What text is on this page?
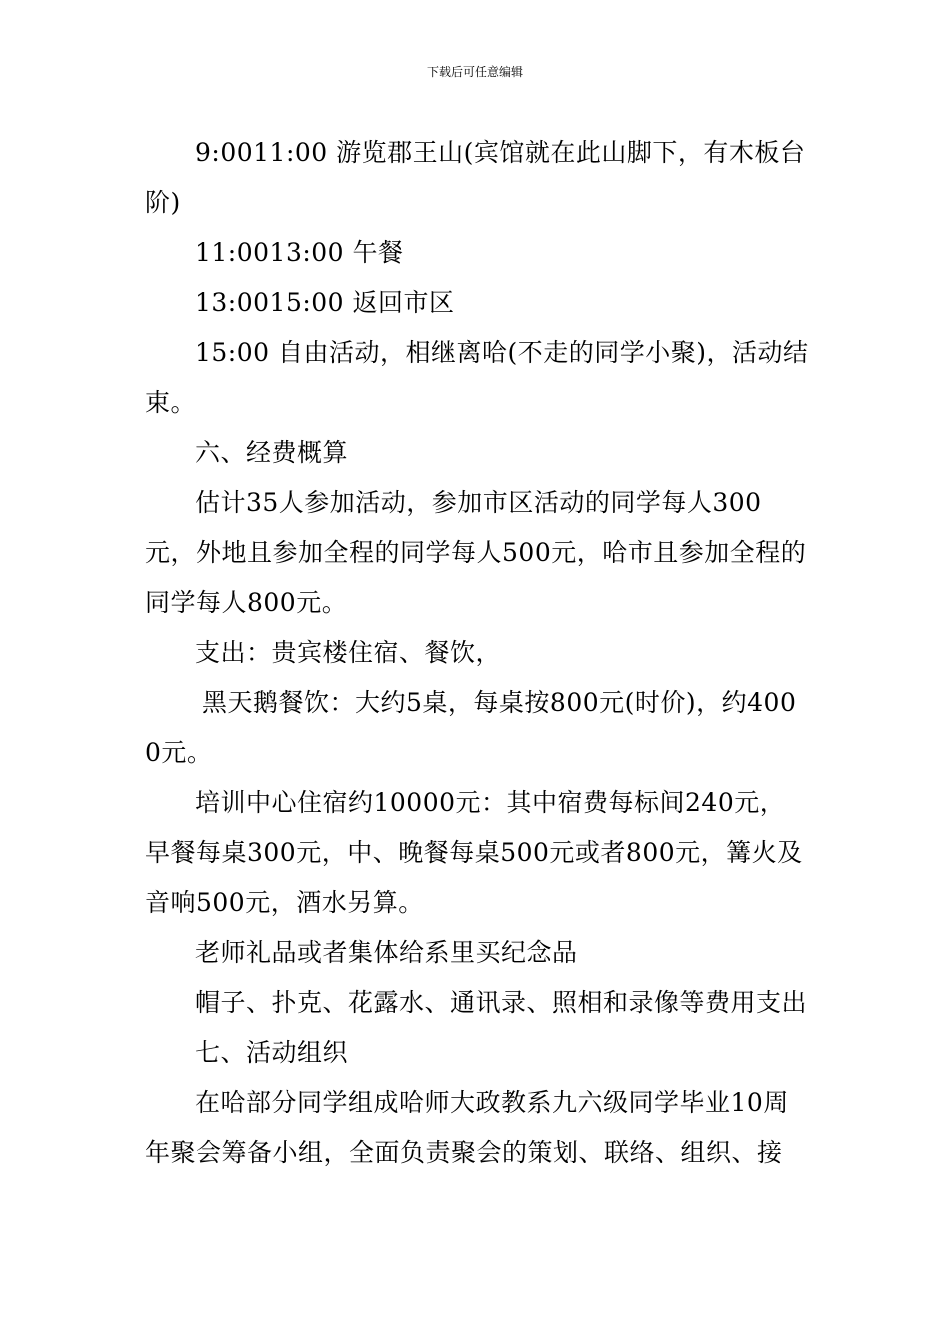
下载后可任意编辑

9:0011:00 游览郡王山(宾馆就在此山脚下，有木板台阶)

11:0013:00 午餐

13:0015:00 返回市区

15:00 自由活动，相继离哈(不走的同学小聚)，活动结束。

六、经费概算

估计35人参加活动，参加市区活动的同学每人300元，外地且参加全程的同学每人500元，哈市且参加全程的同学每人800元。

支出：贵宾楼住宿、餐饮，

黑天鹅餐饮：大约5桌，每桌按800元(时价)，约4000元。

培训中心住宿约10000元：其中宿费每标间240元，早餐每桌300元，中、晚餐每桌500元或者800元，篝火及音响500元，酒水另算。

老师礼品或者集体给系里买纪念品

帽子、扑克、花露水、通讯录、照相和录像等费用支出

七、活动组织

在哈部分同学组成哈师大政教系九六级同学毕业10周年聚会筹备小组，全面负责聚会的策划、联络、组织、接
